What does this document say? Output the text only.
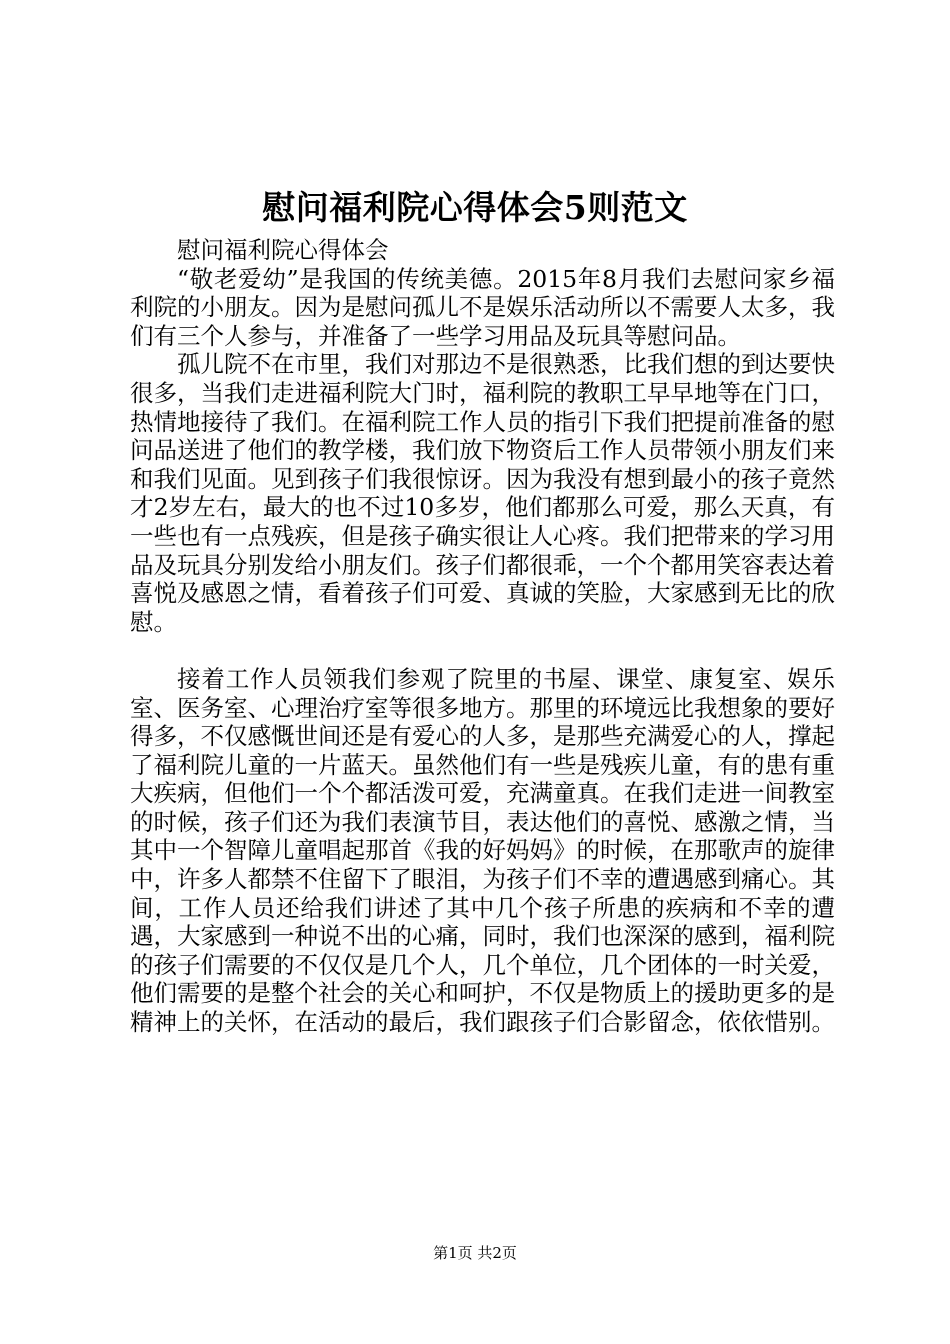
慰问福利院心得体会5则范文

慰问福利院心得体会

“敬老爱幼”是我国的传统美德。2015年8月我们去慰问家乡福利院的小朋友。因为是慰问孤儿不是娱乐活动所以不需要人太多，我们有三个人参与，并准备了一些学习用品及玩具等慰问品。

孤儿院不在市里，我们对那边不是很熟悉，比我们想的到达要快很多，当我们走进福利院大门时，福利院的教职工早早地等在门口，热情地接待了我们。在福利院工作人员的指引下我们把提前准备的慰问品送进了他们的教学楼，我们放下物资后工作人员带领小朋友们来和我们见面。见到孩子们我很惊讶。因为我没有想到最小的孩子竟然才2岁左右，最大的也不过10多岁，他们都那么可爱，那么天真，有一些也有一点残疾，但是孩子确实很让人心疼。我们把带来的学习用品及玩具分别发给小朋友们。孩子们都很乖，一个个都用笑容表达着喜悦及感恩之情，看着孩子们可爱、真诚的笑脸，大家感到无比的欣慰。

接着工作人员领我们参观了院里的书屋、课堂、康复室、娱乐室、医务室、心理治疗室等很多地方。那里的环境远比我想象的要好得多，不仅感慨世间还是有爱心的人多，是那些充满爱心的人，撑起了福利院儿童的一片蓝天。虽然他们有一些是残疾儿童，有的患有重大疾病，但他们一个个都活泼可爱，充满童真。在我们走进一间教室的时候，孩子们还为我们表演节目，表达他们的喜悦、感激之情，当其中一个智障儿童唱起那首《我的好妈妈》的时候，在那歌声的旋律中，许多人都禁不住留下了眼泪，为孩子们不幸的遭遇感到痛心。其间，工作人员还给我们讲述了其中几个孩子所患的疾病和不幸的遭遇，大家感到一种说不出的心痛，同时，我们也深深的感到，福利院的孩子们需要的不仅仅是几个人，几个单位，几个团体的一时关爱，他们需要的是整个社会的关心和呵护，不仅是物质上的援助更多的是精神上的关怀，在活动的最后，我们跟孩子们合影留念，依依惜别。

第1页 共2页
